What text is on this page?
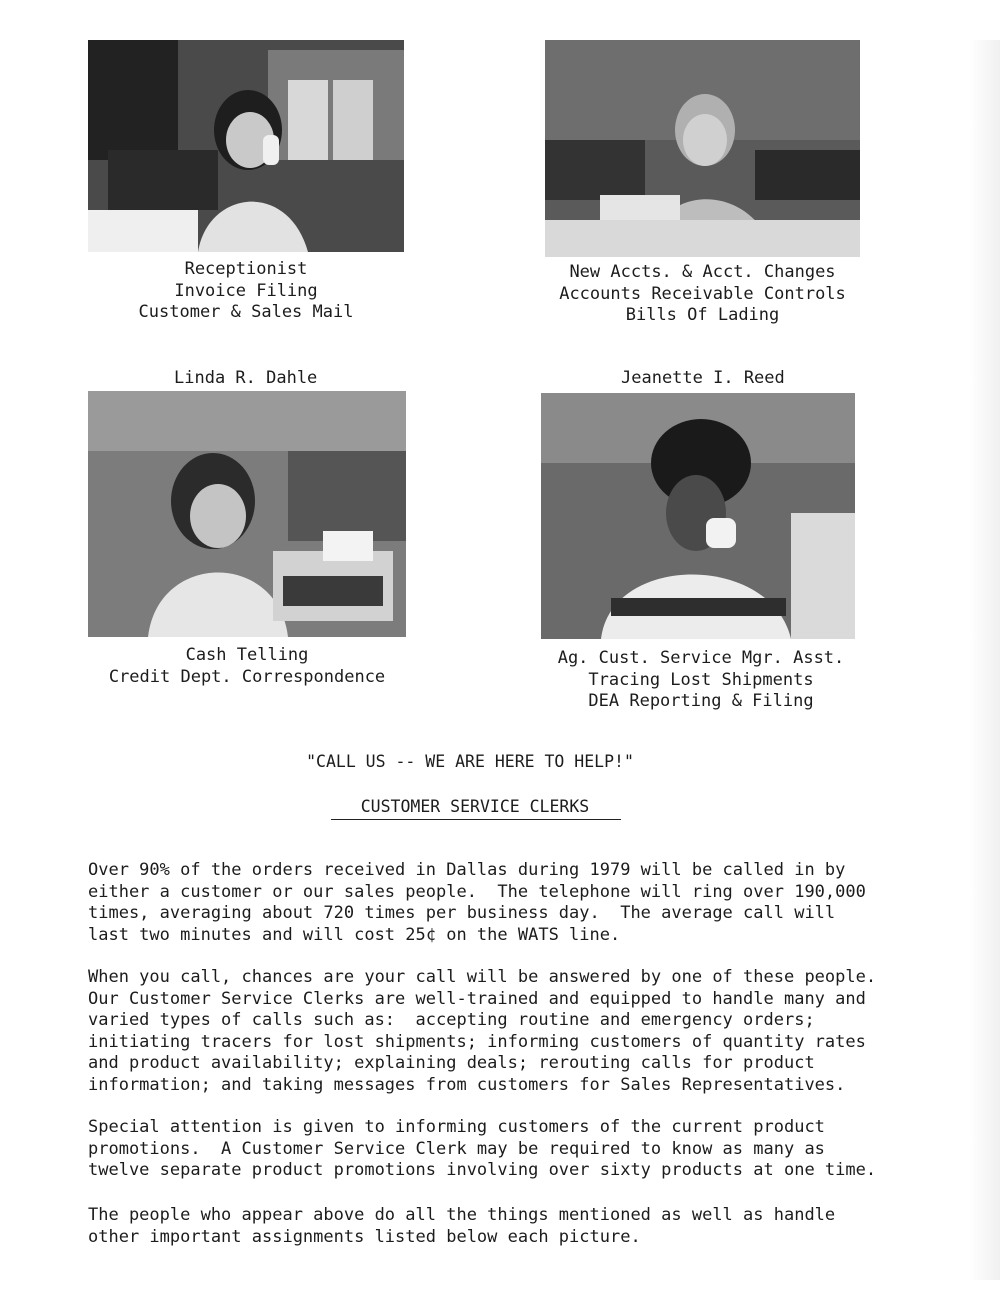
Receptionist
Invoice Filing
Customer & Sales Mail
Linda R. Dahle
New Accts. & Acct. Changes
Accounts Receivable Controls
Bills Of Lading
Jeanette I. Reed
Cash Telling
Credit Dept. Correspondence
Ag. Cust. Service Mgr. Asst.
Tracing Lost Shipments
DEA Reporting & Filing
"CALL US -- WE ARE HERE TO HELP!"
CUSTOMER SERVICE CLERKS
Over 90% of the orders received in Dallas during 1979 will be called in by
either a customer or our sales people.  The telephone will ring over 190,000
times, averaging about 720 times per business day.  The average call will
last two minutes and will cost 25¢ on the WATS line.
When you call, chances are your call will be answered by one of these people.
Our Customer Service Clerks are well-trained and equipped to handle many and
varied types of calls such as:  accepting routine and emergency orders;
initiating tracers for lost shipments; informing customers of quantity rates
and product availability; explaining deals; rerouting calls for product
information; and taking messages from customers for Sales Representatives.
Special attention is given to informing customers of the current product
promotions.  A Customer Service Clerk may be required to know as many as
twelve separate product promotions involving over sixty products at one time.
The people who appear above do all the things mentioned as well as handle
other important assignments listed below each picture.
